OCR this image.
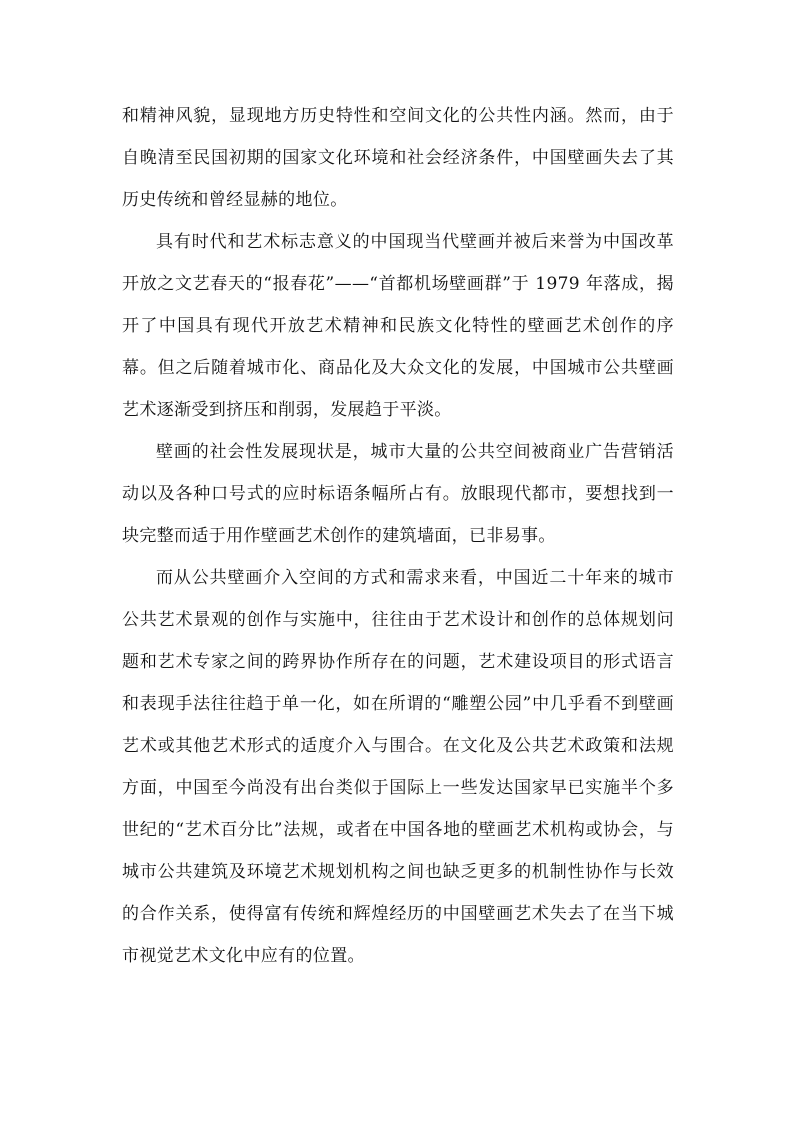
和精神风貌，显现地方历史特性和空间文化的公共性内涵。然而，由于自晚清至民国初期的国家文化环境和社会经济条件，中国壁画失去了其历史传统和曾经显赫的地位。

具有时代和艺术标志意义的中国现当代壁画并被后来誉为中国改革开放之文艺春天的“报春花”——“首都机场壁画群”于 1979 年落成，揭开了中国具有现代开放艺术精神和民族文化特性的壁画艺术创作的序幕。但之后随着城市化、商品化及大众文化的发展，中国城市公共壁画艺术逐渐受到挤压和削弱，发展趋于平淡。

壁画的社会性发展现状是，城市大量的公共空间被商业广告营销活动以及各种口号式的应时标语条幅所占有。放眼现代都市，要想找到一块完整而适于用作壁画艺术创作的建筑墙面，已非易事。

而从公共壁画介入空间的方式和需求来看，中国近二十年来的城市公共艺术景观的创作与实施中，往往由于艺术设计和创作的总体规划问题和艺术专家之间的跨界协作所存在的问题，艺术建设项目的形式语言和表现手法往往趋于单一化，如在所谓的“雕塑公园”中几乎看不到壁画艺术或其他艺术形式的适度介入与围合。在文化及公共艺术政策和法规方面，中国至今尚没有出台类似于国际上一些发达国家早已实施半个多世纪的“艺术百分比”法规，或者在中国各地的壁画艺术机构或协会，与城市公共建筑及环境艺术规划机构之间也缺乏更多的机制性协作与长效的合作关系，使得富有传统和辉煌经历的中国壁画艺术失去了在当下城市视觉艺术文化中应有的位置。
